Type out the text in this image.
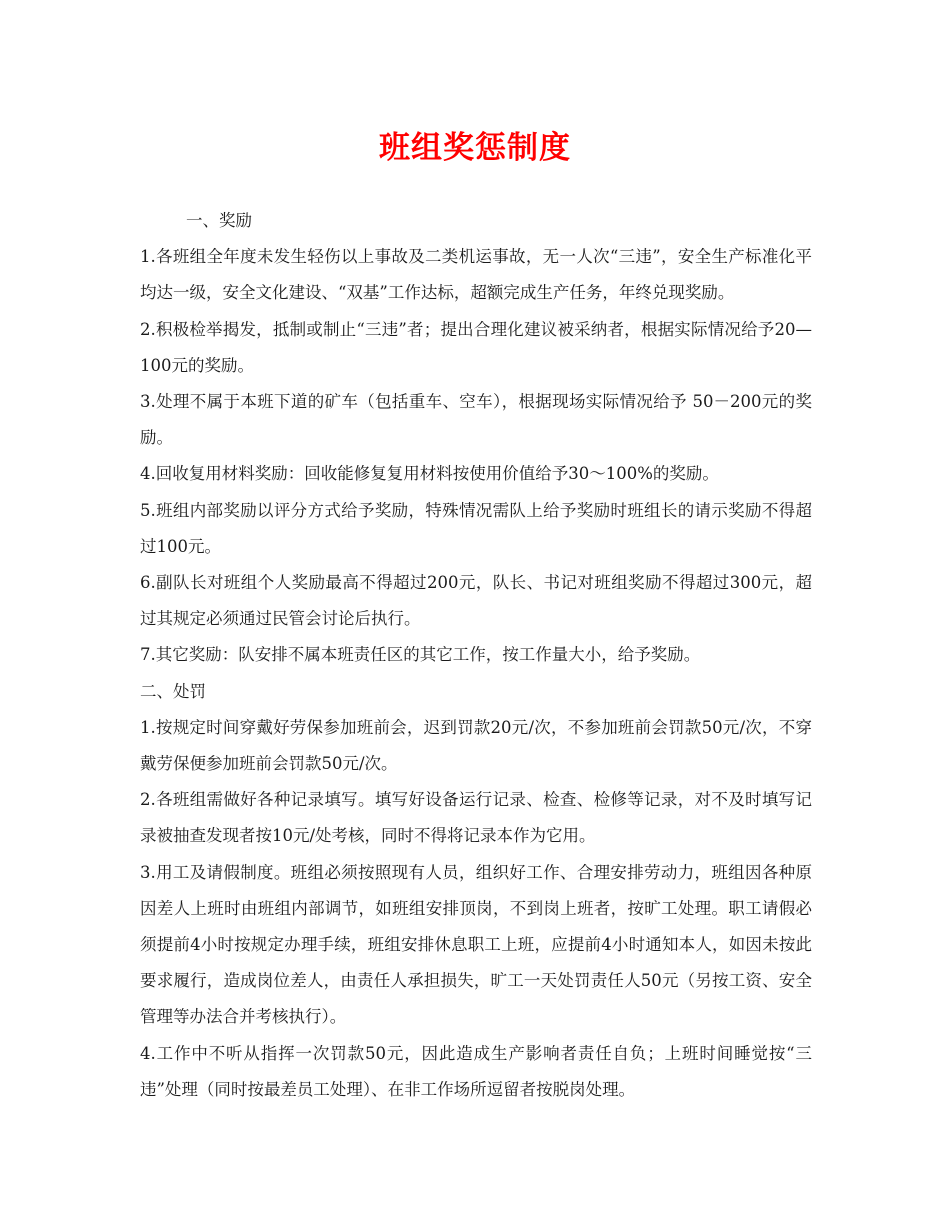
班组奖惩制度

一、奖励

1.各班组全年度未发生轻伤以上事故及二类机运事故，无一人次“三违”，安全生产标准化平均达一级，安全文化建设、“双基”工作达标，超额完成生产任务，年终兑现奖励。

2.积极检举揭发，抵制或制止“三违”者；提出合理化建议被采纳者，根据实际情况给予20—100元的奖励。

3.处理不属于本班下道的矿车（包括重车、空车），根据现场实际情况给予 50－200元的奖励。

4.回收复用材料奖励：回收能修复复用材料按使用价值给予30～100%的奖励。

5.班组内部奖励以评分方式给予奖励，特殊情况需队上给予奖励时班组长的请示奖励不得超过100元。

6.副队长对班组个人奖励最高不得超过200元，队长、书记对班组奖励不得超过300元，超过其规定必须通过民管会讨论后执行。

7.其它奖励：队安排不属本班责任区的其它工作，按工作量大小，给予奖励。

二、处罚

1.按规定时间穿戴好劳保参加班前会，迟到罚款20元/次，不参加班前会罚款50元/次，不穿戴劳保便参加班前会罚款50元/次。

2.各班组需做好各种记录填写。填写好设备运行记录、检查、检修等记录，对不及时填写记录被抽查发现者按10元/处考核，同时不得将记录本作为它用。

3.用工及请假制度。班组必须按照现有人员，组织好工作、合理安排劳动力，班组因各种原因差人上班时由班组内部调节，如班组安排顶岗，不到岗上班者，按旷工处理。职工请假必须提前4小时按规定办理手续，班组安排休息职工上班，应提前4小时通知本人，如因未按此要求履行，造成岗位差人，由责任人承担损失，旷工一天处罚责任人50元（另按工资、安全管理等办法合并考核执行）。

4.工作中不听从指挥一次罚款50元，因此造成生产影响者责任自负；上班时间睡觉按“三违”处理（同时按最差员工处理）、在非工作场所逗留者按脱岗处理。
